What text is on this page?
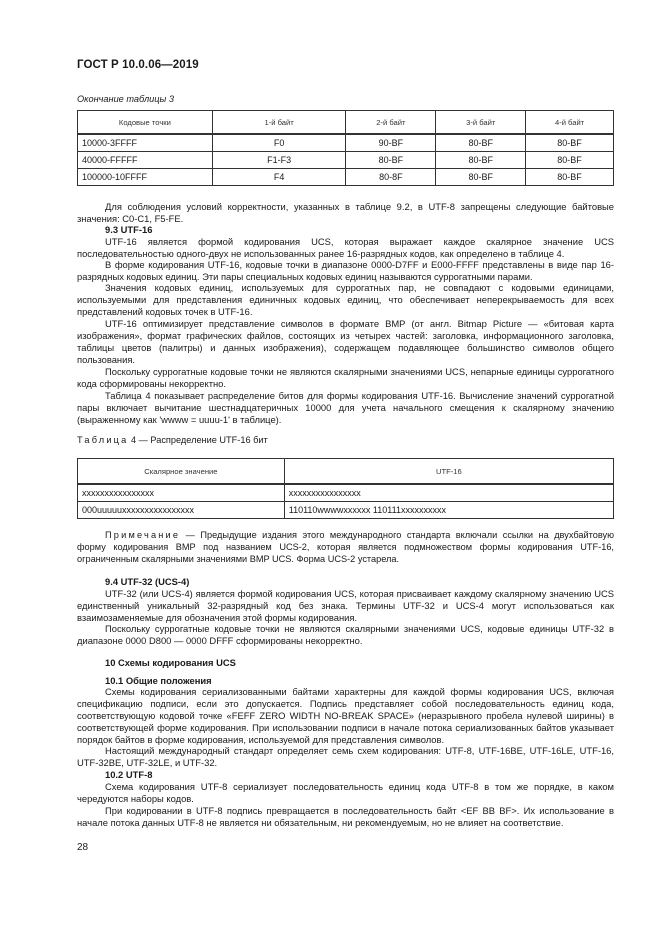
ГОСТ Р 10.0.06—2019
Окончание таблицы 3
Кодовые точки	1-й байт	2-й байт	3-й байт	4-й байт
10000-3FFFF	F0	90-BF	80-BF	80-BF
40000-FFFFF	F1-F3	80-BF	80-BF	80-BF
100000-10FFFF	F4	80-8F	80-BF	80-BF
Для соблюдения условий корректности, указанных в таблице 9.2, в UTF-8 запрещены следующие байтовые значения: C0-C1, F5-FE.
9.3 UTF-16
UTF-16 является формой кодирования UCS, которая выражает каждое скалярное значение UCS последовательностью одного-двух не использованных ранее 16-разрядных кодов, как определено в таблице 4.
В форме кодирования UTF-16, кодовые точки в диапазоне 0000-D7FF и E000-FFFF представлены в виде пар 16-разрядных кодовых единиц. Эти пары специальных кодовых единиц называются суррогатными парами.
Значения кодовых единиц, используемых для суррогатных пар, не совпадают с кодовыми единицами, используемыми для представления единичных кодовых единиц, что обеспечивает неперекрываемость для всех представлений кодовых точек в UTF-16.
UTF-16 оптимизирует представление символов в формате BMP (от англ. Bitmap Picture — «битовая карта изображения», формат графических файлов, состоящих из четырех частей: заголовка, информационного заголовка, таблицы цветов (палитры) и данных изображения), содержащем подавляющее большинство символов общего пользования.
Поскольку суррогатные кодовые точки не являются скалярными значениями UCS, непарные единицы суррогатного кода сформированы некорректно.
Таблица 4 показывает распределение битов для формы кодирования UTF-16. Вычисление значений суррогатной пары включает вычитание шестнадцатеричных 10000 для учета начального смещения к скалярному значению (выраженному как 'wwww = uuuu-1' в таблице).
Таблица 4 — Распределение UTF-16 бит
Скалярное значение	UTF-16
xxxxxxxxxxxxxxxx	xxxxxxxxxxxxxxxx
000uuuuuxxxxxxxxxxxxxxxx	110110wwwwxxxxxx 110111xxxxxxxxxx
Примечание — Предыдущие издания этого международного стандарта включали ссылки на двухбайтовую форму кодирования BMP под названием UCS-2, которая является подмножеством формы кодирования UTF-16, ограниченным скалярными значениями BMP UCS. Форма UCS-2 устарела.
9.4 UTF-32 (UCS-4)
UTF-32 (или UCS-4) является формой кодирования UCS, которая присваивает каждому скалярному значению UCS единственный уникальный 32-разрядный код без знака. Термины UTF-32 и UCS-4 могут использоваться как взаимозаменяемые для обозначения этой формы кодирования.
Поскольку суррогатные кодовые точки не являются скалярными значениями UCS, кодовые единицы UTF-32 в диапазоне 0000 D800 — 0000 DFFF сформированы некорректно.
10 Схемы кодирования UCS
10.1 Общие положения
Схемы кодирования сериализованными байтами характерны для каждой формы кодирования UCS, включая спецификацию подписи, если это допускается. Подпись представляет собой последовательность единиц кода, соответствующую кодовой точке «FEFF ZERO WIDTH NO-BREAK SPACE» (неразрывного пробела нулевой ширины) в соответствующей форме кодирования. При использовании подписи в начале потока сериализованных байтов указывает порядок байтов в форме кодирования, используемой для представления символов.
Настоящий международный стандарт определяет семь схем кодирования: UTF-8, UTF-16BE, UTF-16LE, UTF-16, UTF-32BE, UTF-32LE, и UTF-32.
10.2 UTF-8
Схема кодирования UTF-8 сериализует последовательность единиц кода UTF-8 в том же порядке, в каком чередуются наборы кодов.
При кодировании в UTF-8 подпись превращается в последовательность байт <EF BB BF>. Их использование в начале потока данных UTF-8 не является ни обязательным, ни рекомендуемым, но не влияет на соответствие.
28
